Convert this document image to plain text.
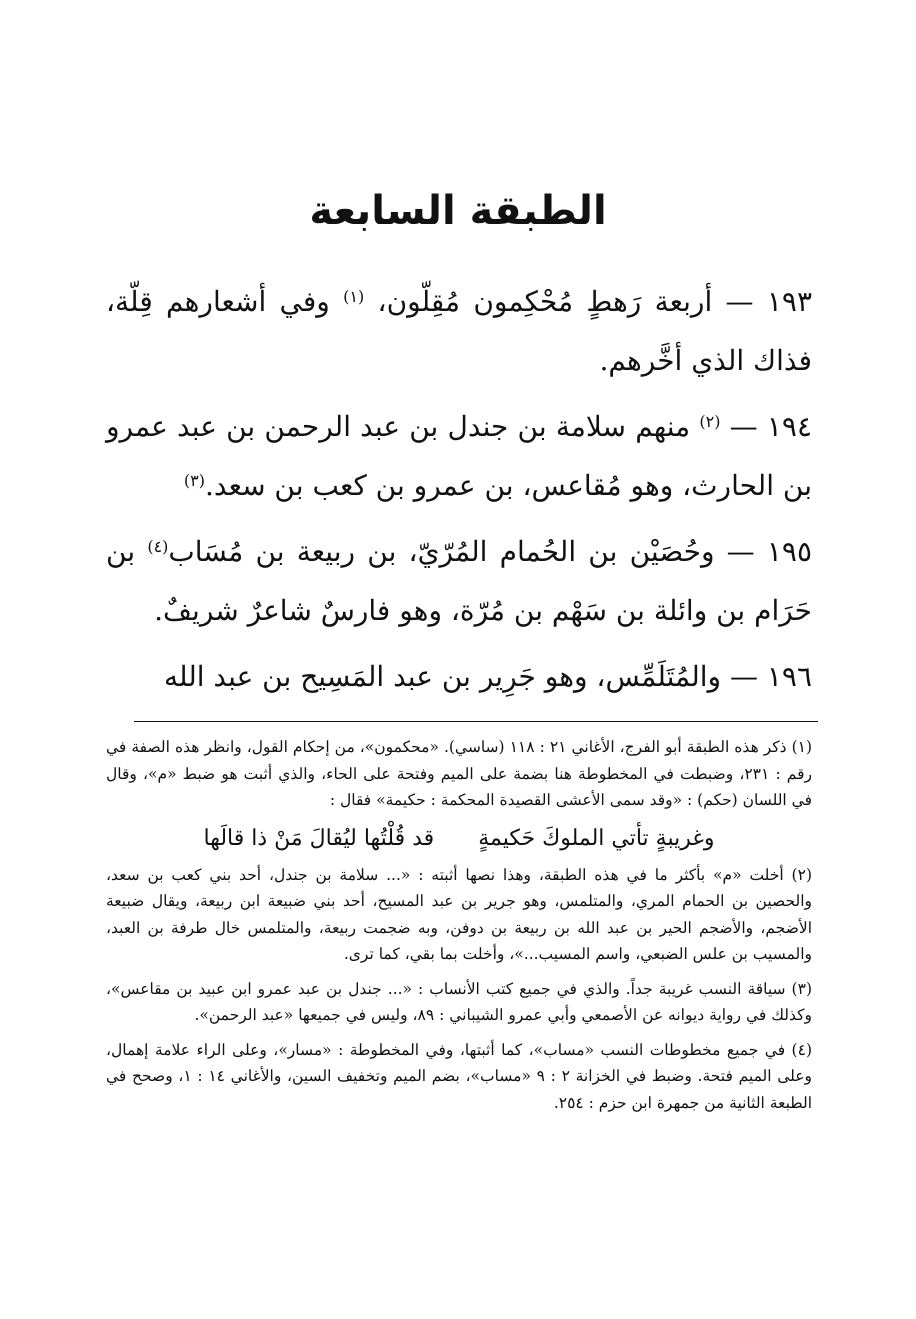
الطبقة السابعة

١٩٣ — أربعة رَهطٍ مُحْكِمون مُقِلّون، $^{(١)}$ وفي أشعارهم قِلّة، فذاك الذي أخَّرهم.

١٩٤ — $^{(٢)}$ منهم سلامة بن جندل بن عبد الرحمن بن عبد عمرو بن الحارث، وهو مُقاعس، بن عمرو بن كعب بن سعد.$^{(٣)}$

١٩٥ — وحُصَيْن بن الحُمام المُرّيّ، بن ربيعة بن مُسَاب$^{(٤)}$ بن حَرَام بن وائلة بن سَهْم بن مُرّة، وهو فارسٌ شاعرٌ شريفٌ.

١٩٦ — والمُتَلَمِّس، وهو جَرِير بن عبد المَسِيح بن عبد الله

(١) ذكر هذه الطبقة أبو الفرج، الأغاني ٢١ : ١١٨ (ساسي). «محكمون»، من إحكام القول، وانظر هذه الصفة في رقم : ٢٣١، وضبطت في المخطوطة هنا بضمة على الميم وفتحة على الحاء، والذي أثبت هو ضبط «م»، وقال في اللسان (حكم) : «وقد سمى الأعشى القصيدة المحكمة : حكيمة» فقال :

وغريبةٍ تأتي الملوكَ حَكيمةٍقد قُلْتُها ليُقالَ مَنْ ذا قالَها

(٢) أخلت «م» بأكثر ما في هذه الطبقة، وهذا نصها أثبته : «... سلامة بن جندل، أحد بني كعب بن سعد، والحصين بن الحمام المري، والمتلمس، وهو جرير بن عبد المسيح، أحد بني ضبيعة ابن ربيعة، ويقال ضبيعة الأضجم، والأضجم الحير بن عبد الله بن ربيعة بن دوفن، وبه ضجمت ربيعة، والمتلمس خال طرفة بن العبد، والمسيب بن علس الضبعي، واسم المسيب...»، وأخلت بما بقي، كما ترى.

(٣) سياقة النسب غريبة جداً. والذي في جميع كتب الأنساب : «... جندل بن عبد عمرو ابن عبيد بن مقاعس»، وكذلك في رواية ديوانه عن الأصمعي وأبي عمرو الشيباني : ٨٩، وليس في جميعها «عبد الرحمن».

(٤) في جميع مخطوطات النسب «مساب»، كما أثبتها، وفي المخطوطة : «مسار»، وعلى الراء علامة إهمال، وعلى الميم فتحة. وضبط في الخزانة ٢ : ٩ «مساب»، بضم الميم وتخفيف السين، والأغاني ١٤ : ١، وصحح في الطبعة الثانية من جمهرة ابن حزم : ٢٥٤.
